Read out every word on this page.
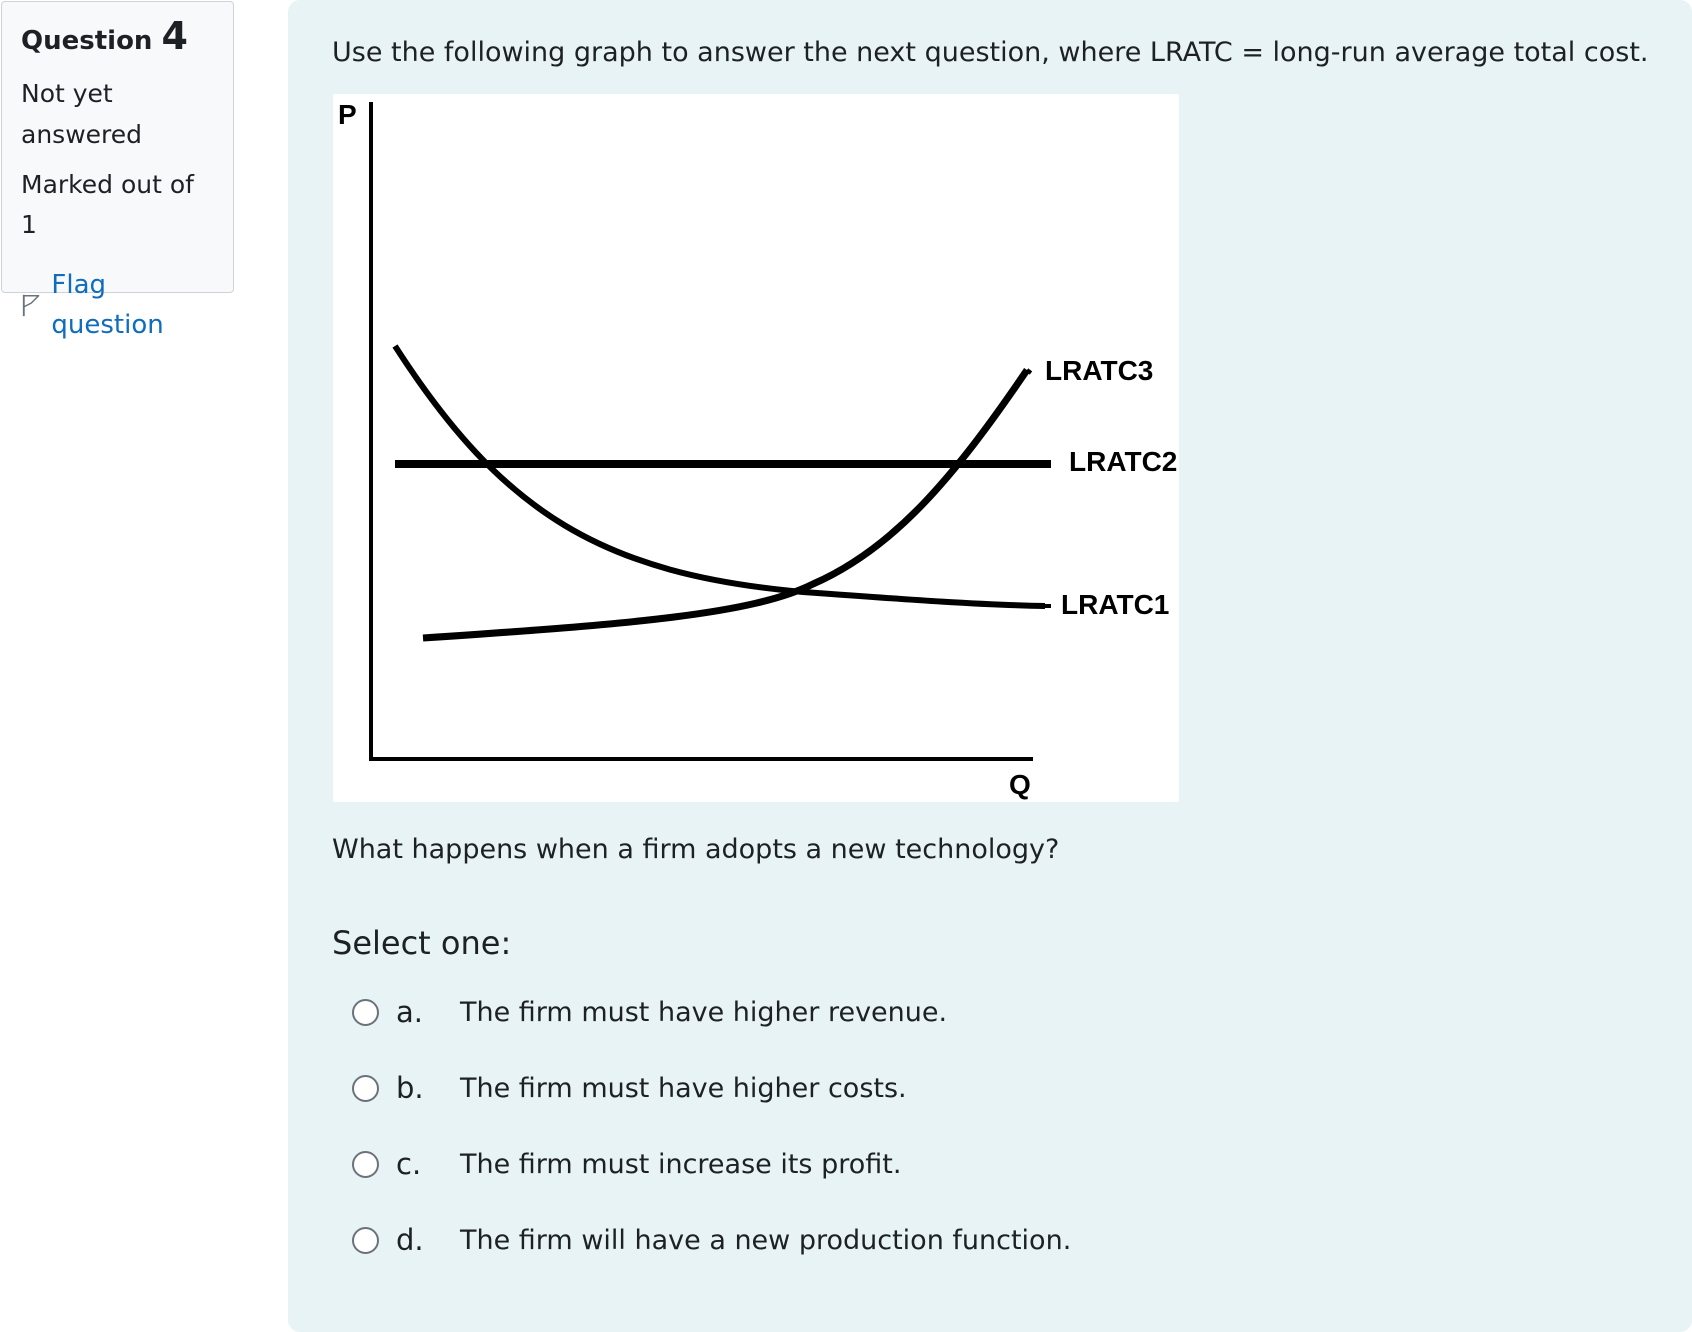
Question 4
Not yet answered
Marked out of 1
Flag question
Use the following graph to answer the next question, where LRATC = long-run average total cost.
P
Q
LRATC3
LRATC2
LRATC1
What happens when a firm adopts a new technology?
Select one:
a.	The firm must have higher revenue.
b.	The firm must have higher costs.
c.	The firm must increase its profit.
d.	The firm will have a new production function.
